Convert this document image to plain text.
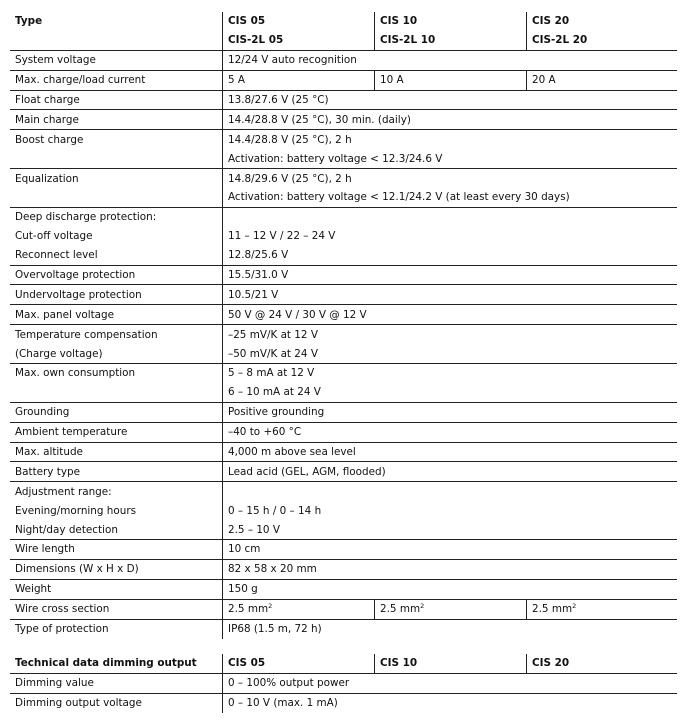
Type	CIS 05	CIS 10	CIS 20
	CIS-2L 05	CIS-2L 10	CIS-2L 20
System voltage	12/24 V auto recognition		
Max. charge/load current	5 A	10 A	20 A
Float charge	13.8/27.6 V (25 °C)		
Main charge	14.4/28.8 V (25 °C), 30 min. (daily)		
Boost charge	14.4/28.8 V (25 °C), 2 h		
	Activation: battery voltage < 12.3/24.6 V		
Equalization	14.8/29.6 V (25 °C), 2 h		
	Activation: battery voltage < 12.1/24.2 V (at least every 30 days)		
Deep discharge protection:			
Cut-off voltage	11 – 12 V / 22 – 24 V		
Reconnect level	12.8/25.6 V		
Overvoltage protection	15.5/31.0 V		
Undervoltage protection	10.5/21 V		
Max. panel voltage	50 V @ 24 V / 30 V @ 12 V		
Temperature compensation	–25 mV/K at 12 V		
(Charge voltage)	–50 mV/K at 24 V		
Max. own consumption	5 – 8 mA at 12 V		
	6 – 10 mA at 24 V		
Grounding	Positive grounding		
Ambient temperature	–40 to +60 °C		
Max. altitude	4,000 m above sea level		
Battery type	Lead acid (GEL, AGM, flooded)		
Adjustment range:			
Evening/morning hours	0 – 15 h / 0 – 14 h		
Night/day detection	2.5 – 10 V		
Wire length	10 cm		
Dimensions (W x H x D)	82 x 58 x 20 mm		
Weight	150 g		
Wire cross section	2.5 $mm^2$	2.5 $mm^2$	2.5 $mm^2$
Type of protection	IP68 (1.5 m, 72 h)		
Technical data dimming output	CIS 05	CIS 10	CIS 20
Dimming value	0 – 100% output power		
Dimming output voltage	0 – 10 V (max. 1 mA)		
